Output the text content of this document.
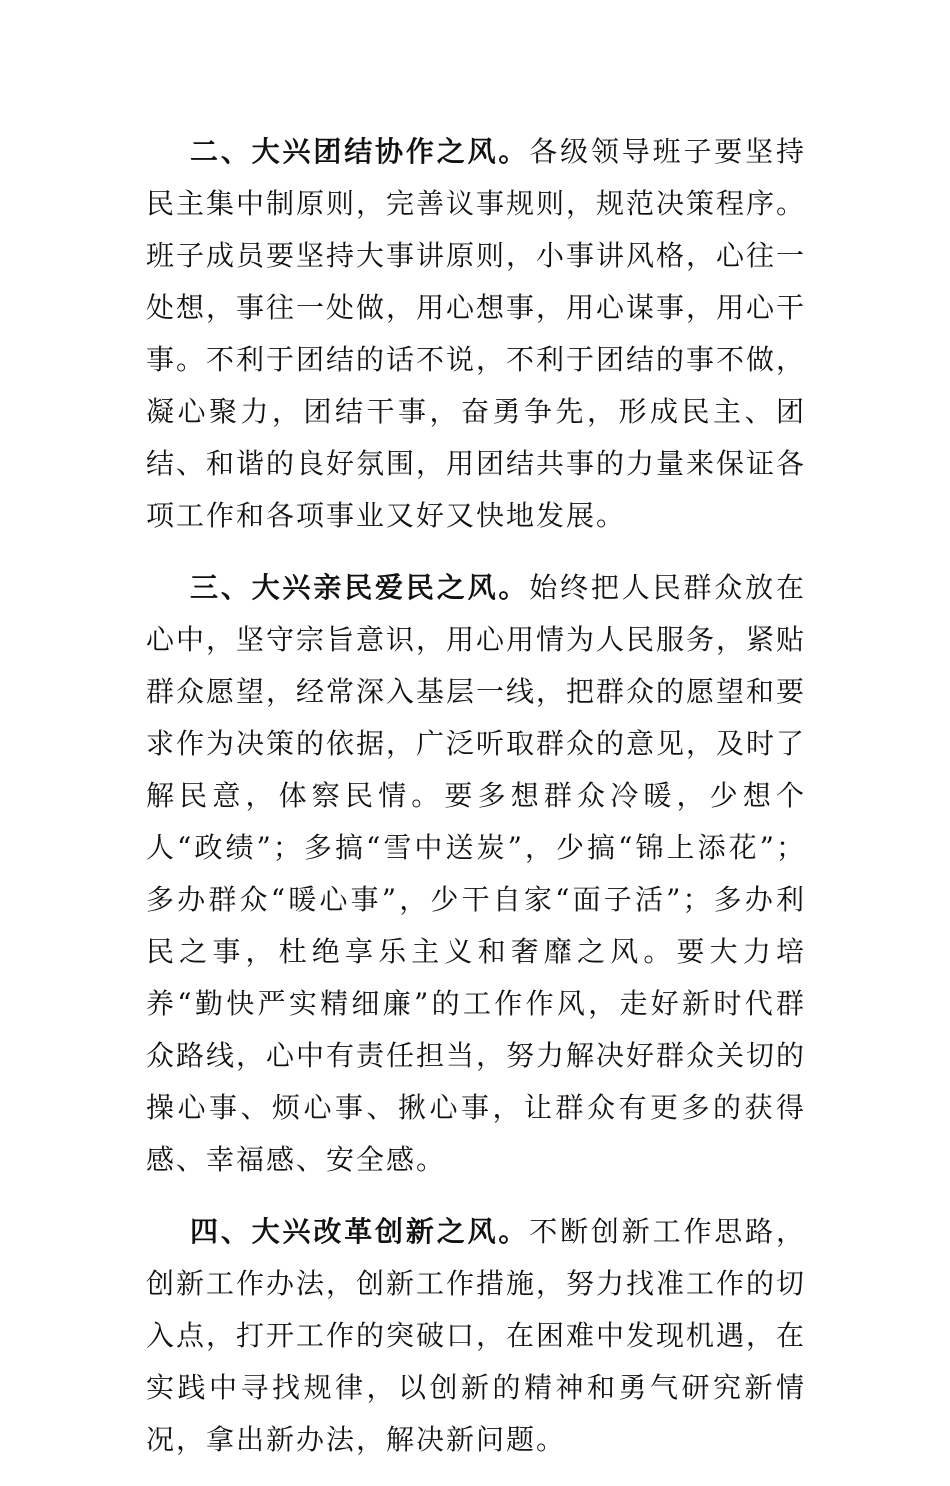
二、大兴团结协作之风。各级领导班子要坚持民主集中制原则，完善议事规则，规范决策程序。班子成员要坚持大事讲原则，小事讲风格，心往一处想，事往一处做，用心想事，用心谋事，用心干事。不利于团结的话不说，不利于团结的事不做，凝心聚力，团结干事，奋勇争先，形成民主、团结、和谐的良好氛围，用团结共事的力量来保证各项工作和各项事业又好又快地发展。

三、大兴亲民爱民之风。始终把人民群众放在心中，坚守宗旨意识，用心用情为人民服务，紧贴群众愿望，经常深入基层一线，把群众的愿望和要求作为决策的依据，广泛听取群众的意见，及时了解民意，体察民情。要多想群众冷暖，少想个人“政绩”；多搞“雪中送炭”，少搞“锦上添花”；多办群众“暖心事”，少干自家“面子活”；多办利民之事，杜绝享乐主义和奢靡之风。要大力培养“勤快严实精细廉”的工作作风，走好新时代群众路线，心中有责任担当，努力解决好群众关切的操心事、烦心事、揪心事，让群众有更多的获得感、幸福感、安全感。

四、大兴改革创新之风。不断创新工作思路，创新工作办法，创新工作措施，努力找准工作的切入点，打开工作的突破口，在困难中发现机遇，在实践中寻找规律，以创新的精神和勇气研究新情况，拿出新办法，解决新问题。
